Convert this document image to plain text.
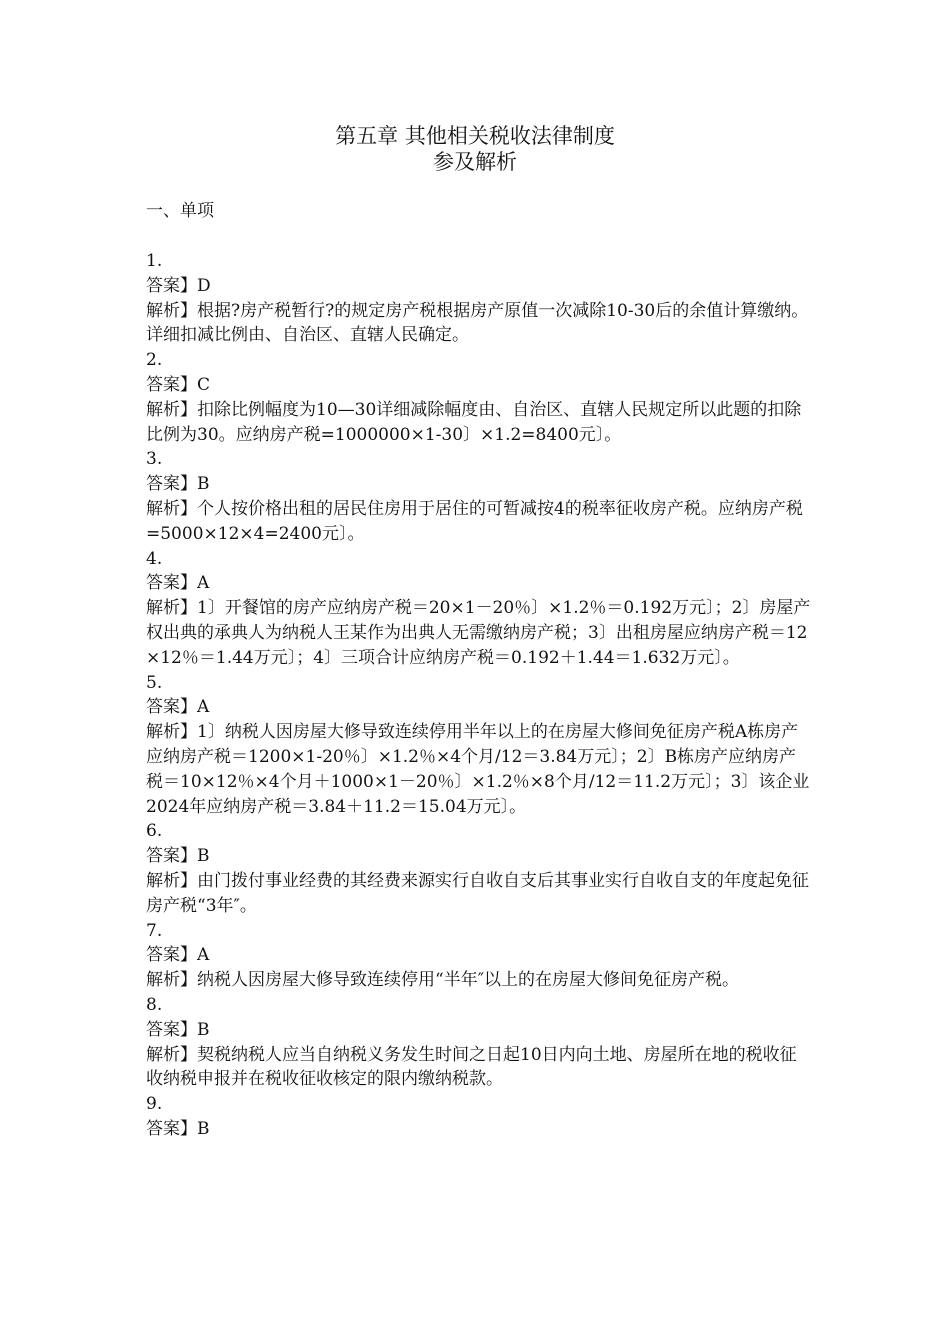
第五章 其他相关税收法律制度
参及解析
一、单项

1.

答案】D

解析】根据?房产税暂行?的规定房产税根据房产原值一次减除10-30后的余值计算缴纳。详细扣减比例由、自治区、直辖人民确定。

2.

答案】C

解析】扣除比例幅度为10—30详细减除幅度由、自治区、直辖人民规定所以此题的扣除比例为30。应纳房产税=1000000×1-30〕×1.2=8400元〕。

3.

答案】B

解析】个人按价格出租的居民住房用于居住的可暂减按4的税率征收房产税。应纳房产税=5000×12×4=2400元〕。

4.

答案】A

解析】1〕开餐馆的房产应纳房产税＝20×1－20％〕×1.2％＝0.192万元〕；2〕房屋产权出典的承典人为纳税人王某作为出典人无需缴纳房产税；3〕出租房屋应纳房产税＝12×12％＝1.44万元〕；4〕三项合计应纳房产税＝0.192＋1.44＝1.632万元〕。

5.

答案】A

解析】1〕纳税人因房屋大修导致连续停用半年以上的在房屋大修间免征房产税A栋房产应纳房产税＝1200×1-20％〕×1.2％×4个月/12＝3.84万元〕；2〕B栋房产应纳房产税＝10×12％×4个月＋1000×1－20％〕×1.2％×8个月/12＝11.2万元〕；3〕该企业2024年应纳房产税＝3.84＋11.2＝15.04万元〕。

6.

答案】B

解析】由门拨付事业经费的其经费来源实行自收自支后其事业实行自收自支的年度起免征房产税“3年″。

7.

答案】A

解析】纳税人因房屋大修导致连续停用“半年″以上的在房屋大修间免征房产税。

8.

答案】B

解析】契税纳税人应当自纳税义务发生时间之日起10日内向土地、房屋所在地的税收征收纳税申报并在税收征收核定的限内缴纳税款。

9.

答案】B
